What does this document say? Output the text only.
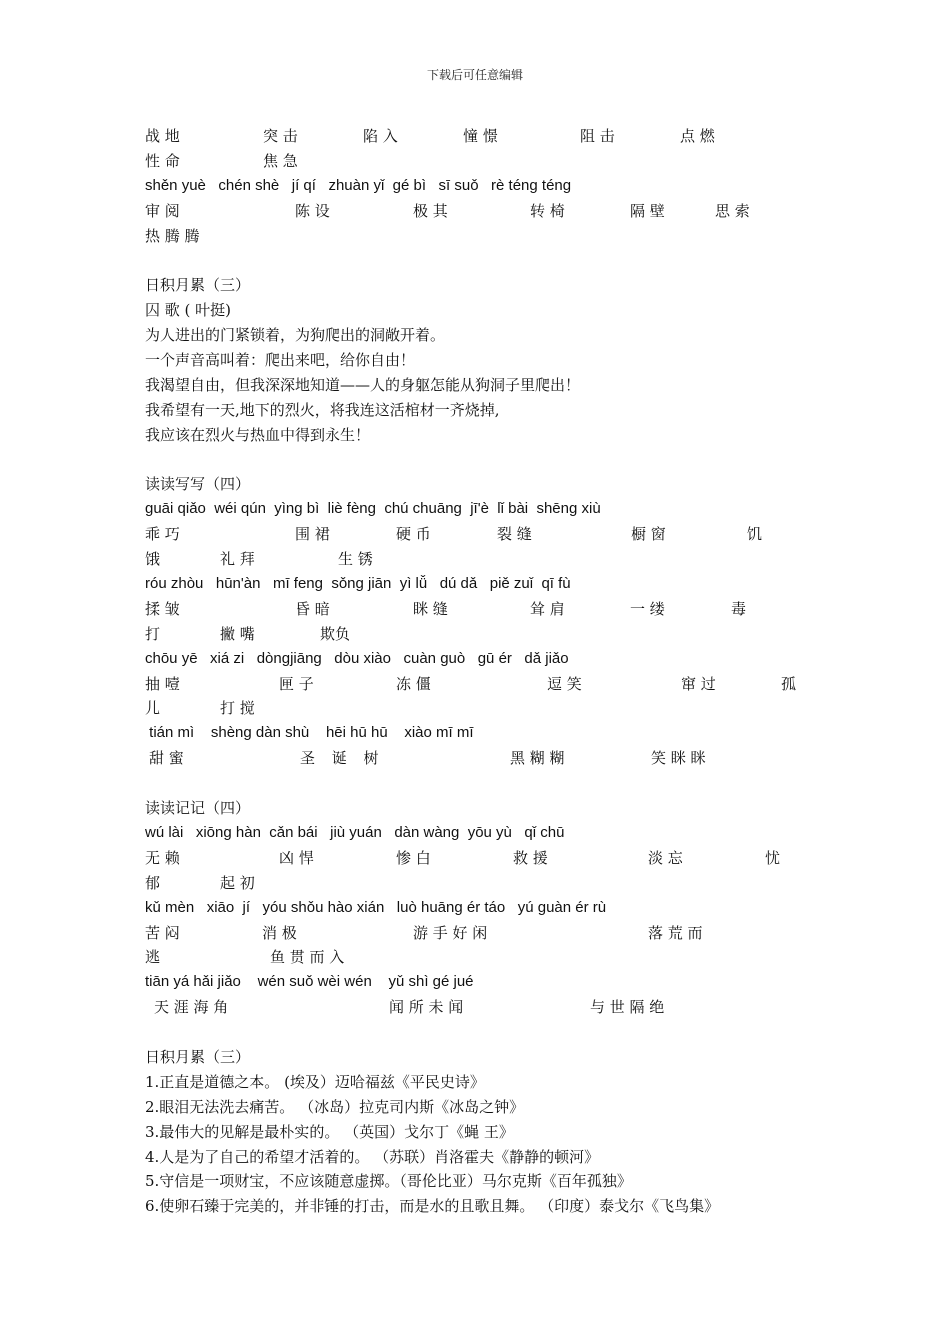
下载后可任意编辑
战 地	突 击	陷 入	憧 憬	阻 击	点 燃
性 命	焦 急
shěn yuè   chén shè   jí qí   zhuàn yǐ  gé bì   sī suǒ   rè téng téng
审 阅	陈 设	极 其	转 椅	隔 壁	思 索
热 腾 腾
日积月累（三）
囚 歌 ( 叶挺)
为人进出的门紧锁着，为狗爬出的洞敞开着。
一个声音高叫着：爬出来吧，给你自由！
我渴望自由，但我深深地知道——人的身躯怎能从狗洞子里爬出！
我希望有一天,地下的烈火，将我连这活棺材一齐烧掉,
我应该在烈火与热血中得到永生！
读读写写（四）
guāi qiǎo  wéi qún  yìng bì  liè fèng  chú chuāng  jī'è  lǐ bài  shēng xiù
乖 巧	围 裙	硬 币	裂 缝	橱 窗	饥
饿	礼 拜	生 锈
róu zhòu   hūn'àn   mī feng  sǒng jiān  yì lǚ   dú dǎ   piě zuǐ  qī fù
揉 皱	昏 暗	眯 缝	耸 肩	一 缕	毒
打	撇 嘴	欺负
chōu yē   xiá zi   dòngjiāng   dòu xiào   cuàn guò   gū ér   dǎ jiǎo
抽 噎	匣 子	冻 僵	逗 笑	窜 过	孤
儿	打 搅
tián mì    shèng dàn shù    hēi hū hū    xiào mī mī
甜 蜜	圣 诞 树	黑 糊 糊	笑 眯 眯
读读记记（四）
wú lài   xiōng hàn  cǎn bái   jiù yuán   dàn wàng  yōu yù   qǐ chū
无 赖	凶 悍	惨 白	救 援	淡 忘	忧
郁	起 初
kǔ mèn   xiāo  jí   yóu shǒu hào xián   luò huāng ér táo   yú guàn ér rù
苦 闷	消 极	游 手 好 闲	落 荒 而
逃	鱼 贯 而 入
tiān yá hǎi jiǎo    wén suǒ wèi wén    yǔ shì gé jué
天 涯 海 角	闻 所 未 闻	与 世 隔 绝
日积月累（三）
1.正直是道德之本。 (埃及）迈哈福兹《平民史诗》
2.眼泪无法洗去痛苦。 （冰岛）拉克司内斯《冰岛之钟》
3.最伟大的见解是最朴实的。 （英国）戈尔丁《蝇 王》
4.人是为了自己的希望才活着的。 （苏联）肖洛霍夫《静静的顿河》
5.守信是一项财宝，不应该随意虚掷。（哥伦比亚）马尔克斯《百年孤独》
6.使卵石臻于完美的，并非锤的打击，而是水的且歌且舞。 （印度）泰戈尔《飞鸟集》
